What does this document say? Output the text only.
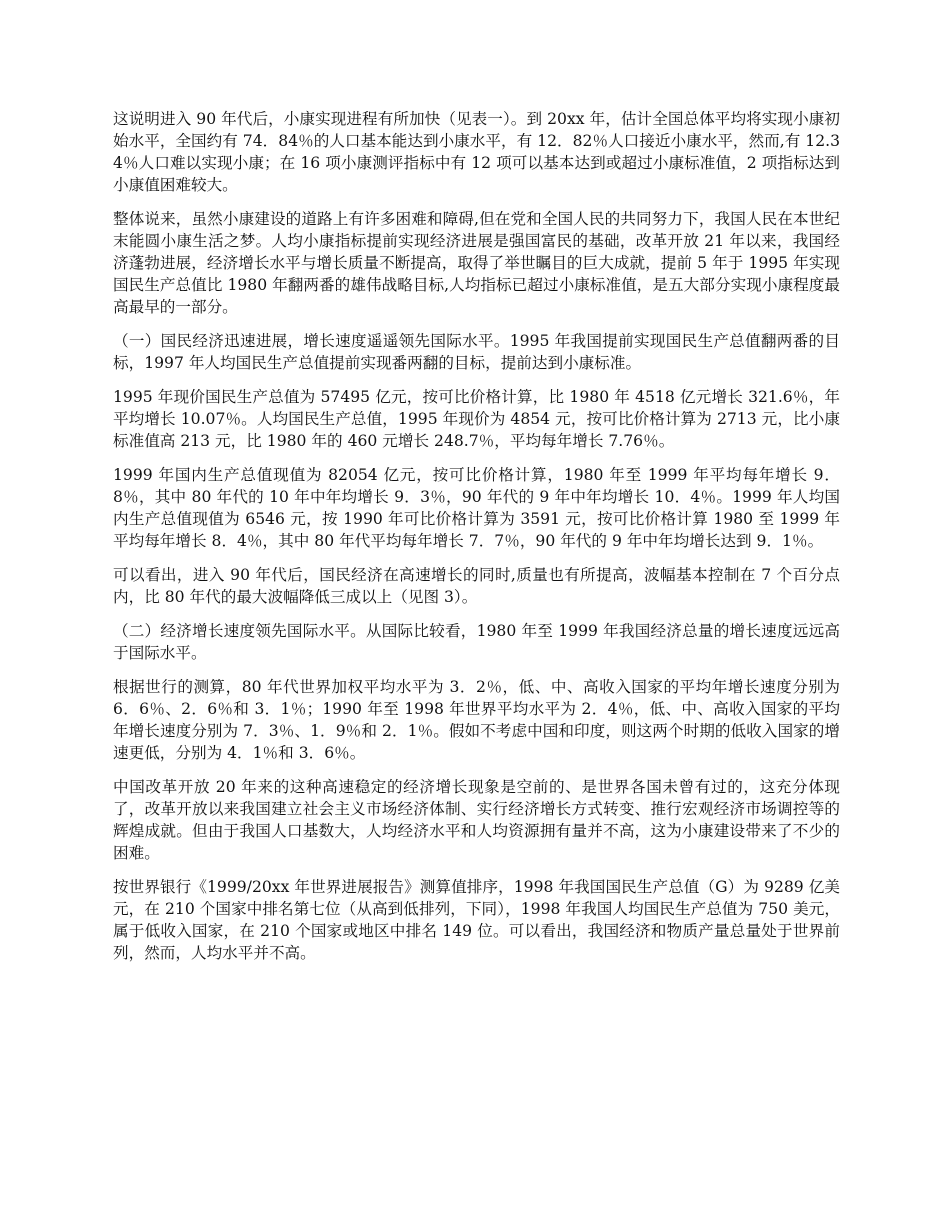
这说明进入 90 年代后，小康实现进程有所加快（见表一）。到 20xx 年，估计全国总体平均将实现小康初始水平，全国约有 74．84％的人口基本能达到小康水平，有 12．82％人口接近小康水平，然而,有 12.34％人口难以实现小康；在 16 项小康测评指标中有 12 项可以基本达到或超过小康标准值，2 项指标达到小康值困难较大。

整体说来，虽然小康建设的道路上有许多困难和障碍,但在党和全国人民的共同努力下，我国人民在本世纪末能圆小康生活之梦。人均小康指标提前实现经济进展是强国富民的基础，改革开放 21 年以来，我国经济蓬勃进展，经济增长水平与增长质量不断提高，取得了举世瞩目的巨大成就，提前 5 年于 1995 年实现国民生产总值比 1980 年翻两番的雄伟战略目标,人均指标已超过小康标准值，是五大部分实现小康程度最高最早的一部分。

（一）国民经济迅速进展，增长速度遥遥领先国际水平。1995 年我国提前实现国民生产总值翻两番的目标，1997 年人均国民生产总值提前实现番两翻的目标，提前达到小康标准。

1995 年现价国民生产总值为 57495 亿元，按可比价格计算，比 1980 年 4518 亿元增长 321.6％，年平均增长 10.07％。人均国民生产总值，1995 年现价为 4854 元，按可比价格计算为 2713 元，比小康标准值高 213 元，比 1980 年的 460 元增长 248.7％，平均每年增长 7.76％。

1999 年国内生产总值现值为 82054 亿元，按可比价格计算，1980 年至 1999 年平均每年增长 9．8％，其中 80 年代的 10 年中年均增长 9．3％，90 年代的 9 年中年均增长 10．4％。1999 年人均国内生产总值现值为 6546 元，按 1990 年可比价格计算为 3591 元，按可比价格计算 1980 至 1999 年平均每年增长 8．4％，其中 80 年代平均每年增长 7．7％，90 年代的 9 年中年均增长达到 9．1％。

可以看出，进入 90 年代后，国民经济在高速增长的同时,质量也有所提高，波幅基本控制在 7 个百分点内，比 80 年代的最大波幅降低三成以上（见图 3）。

（二）经济增长速度领先国际水平。从国际比较看，1980 年至 1999 年我国经济总量的增长速度远远高于国际水平。

根据世行的测算，80 年代世界加权平均水平为 3．2％，低、中、高收入国家的平均年增长速度分别为 6．6％、2．6％和 3．1％；1990 年至 1998 年世界平均水平为 2．4％，低、中、高收入国家的平均年增长速度分别为 7．3％、1．9％和 2．1％。假如不考虑中国和印度，则这两个时期的低收入国家的增速更低，分别为 4．1％和 3．6％。

中国改革开放 20 年来的这种高速稳定的经济增长现象是空前的、是世界各国未曾有过的，这充分体现了，改革开放以来我国建立社会主义市场经济体制、实行经济增长方式转变、推行宏观经济市场调控等的辉煌成就。但由于我国人口基数大，人均经济水平和人均资源拥有量并不高，这为小康建设带来了不少的困难。

按世界银行《1999/20xx 年世界进展报告》测算值排序，1998 年我国国民生产总值（G）为 9289 亿美元，在 210 个国家中排名第七位（从高到低排列，下同），1998 年我国人均国民生产总值为 750 美元，属于低收入国家，在 210 个国家或地区中排名 149 位。可以看出，我国经济和物质产量总量处于世界前列，然而，人均水平并不高。
